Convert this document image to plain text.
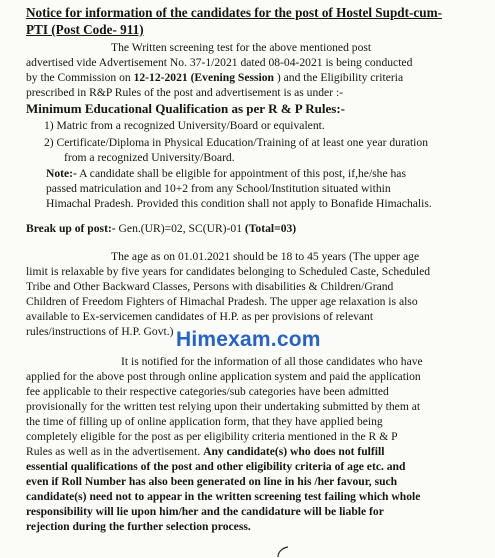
Notice for information of the candidates for the post of Hostel Supdt-cum-
PTI (Post Code- 911)
The Written screening test for the above mentioned post
advertised vide Advertisement No. 37-1/2021 dated 08-04-2021 is being conducted
by the Commission on 12-12-2021 (Evening Session ) and the Eligibility criteria
prescribed in R&P Rules of the post and advertisement is as under :-
Minimum Educational Qualification as per R & P Rules:-
1) Matric from a recognized University/Board or equivalent.
2) Certificate/Diploma in Physical Education/Training of at least one year duration
from a recognized University/Board.
Note:- A candidate shall be eligible for appointment of this post, if,he/she has
passed matriculation and 10+2 from any School/Institution situated within
Himachal Pradesh. Provided this condition shall not apply to Bonafide Himachalis.
Break up of post:- Gen.(UR)=02, SC(UR)-01 (Total=03)
The age as on 01.01.2021 should be 18 to 45 years (The upper age
limit is relaxable by five years for candidates belonging to Scheduled Caste, Scheduled
Tribe and Other Backward Classes, Persons with disabilities & Children/Grand
Children of Freedom Fighters of Himachal Pradesh. The upper age relaxation is also
available to Ex-servicemen candidates of H.P. as per provisions of relevant
rules/instructions of H.P. Govt.) Himexam.com
It is notified for the information of all those candidates who have
applied for the above post through online application system and paid the application
fee applicable to their respective categories/sub categories have been admitted
provisionally for the written test relying upon their undertaking submitted by them at
the time of filling up of online application form, that they have applied being
completely eligible for the post as per eligibility criteria mentioned in the R & P
Rules as well as in the advertisement. Any candidate(s) who does not fulfill
essential qualifications of the post and other eligibility criteria of age etc. and
even if Roll Number has also been generated on line in his /her favour, such
candidate(s) need not to appear in the written screening test failing which whole
responsibility will lie upon him/her and the candidature will be liable for
rejection during the further selection process.
